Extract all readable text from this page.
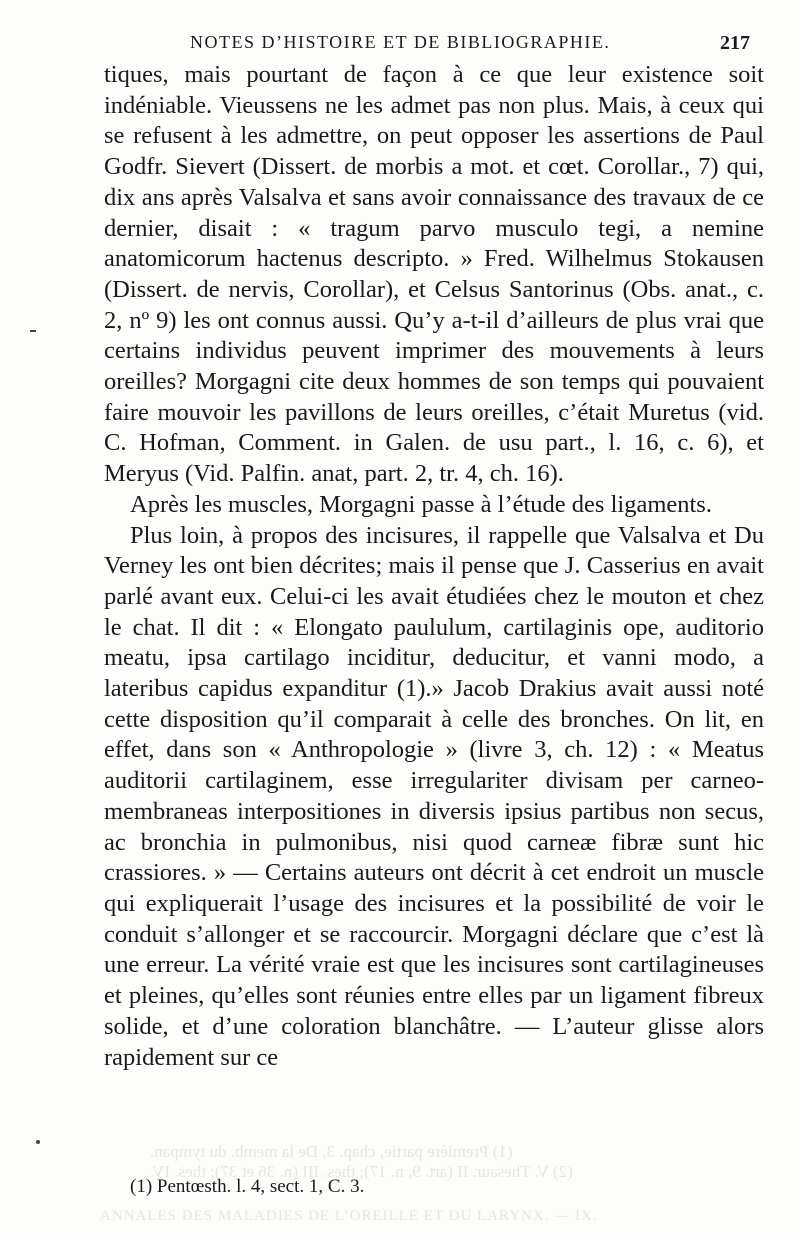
NOTES D’HISTOIRE ET DE BIBLIOGRAPHIE.	217

tiques, mais pourtant de façon à ce que leur existence soit indéniable. Vieussens ne les admet pas non plus. Mais, à ceux qui se refusent à les admettre, on peut opposer les assertions de Paul Godfr. Sievert (Dissert. de morbis a mot. et cœt. Corollar., 7) qui, dix ans après Valsalva et sans avoir connaissance des travaux de ce dernier, disait : « tragum parvo musculo tegi, a nemine anatomicorum hactenus descripto. » Fred. Wilhelmus Stokausen (Dissert. de nervis, Corollar), et Celsus Santorinus (Obs. anat., c. 2, nº 9) les ont connus aussi. Qu’y a-t-il d’ailleurs de plus vrai que certains individus peuvent imprimer des mouvements à leurs oreilles? Morgagni cite deux hommes de son temps qui pouvaient faire mouvoir les pavillons de leurs oreilles, c’était Muretus (vid. C. Hofman, Comment. in Galen. de usu part., l. 16, c. 6), et Meryus (Vid. Palfin. anat, part. 2, tr. 4, ch. 16).

Après les muscles, Morgagni passe à l’étude des ligaments.

Plus loin, à propos des incisures, il rappelle que Valsalva et Du Verney les ont bien décrites; mais il pense que J. Casserius en avait parlé avant eux. Celui-ci les avait étudiées chez le mouton et chez le chat. Il dit : « Elongato paululum, cartilaginis ope, auditorio meatu, ipsa cartilago inciditur, deducitur, et vanni modo, a lateribus capidus expanditur (1).» Jacob Drakius avait aussi noté cette disposition qu’il comparait à celle des bronches. On lit, en effet, dans son « Anthropologie » (livre 3, ch. 12) : « Meatus auditorii cartilaginem, esse irregulariter divisam per carneo-membraneas interpositiones in diversis ipsius partibus non secus, ac bronchia in pulmonibus, nisi quod carneæ fibræ sunt hic crassiores. » — Certains auteurs ont décrit à cet endroit un muscle qui expliquerait l’usage des incisures et la possibilité de voir le conduit s’allonger et se raccourcir. Morgagni déclare que c’est là une erreur. La vérité vraie est que les incisures sont cartilagineuses et pleines, qu’elles sont réunies entre elles par un ligament fibreux solide, et d’une coloration blanchâtre. — L’auteur glisse alors rapidement sur ce

(1) Première partie, chap. 3, De la memb. du tympan.
(2) V. Thesaur. II (art. 9, n. 17); thes. III (n. 36 et 37); thes. IV.
(1) Pentœsth. l. 4, sect. 1, C. 3.
ANNALES DES MALADIES DE L’OREILLE ET DU LARYNX. — IX.
